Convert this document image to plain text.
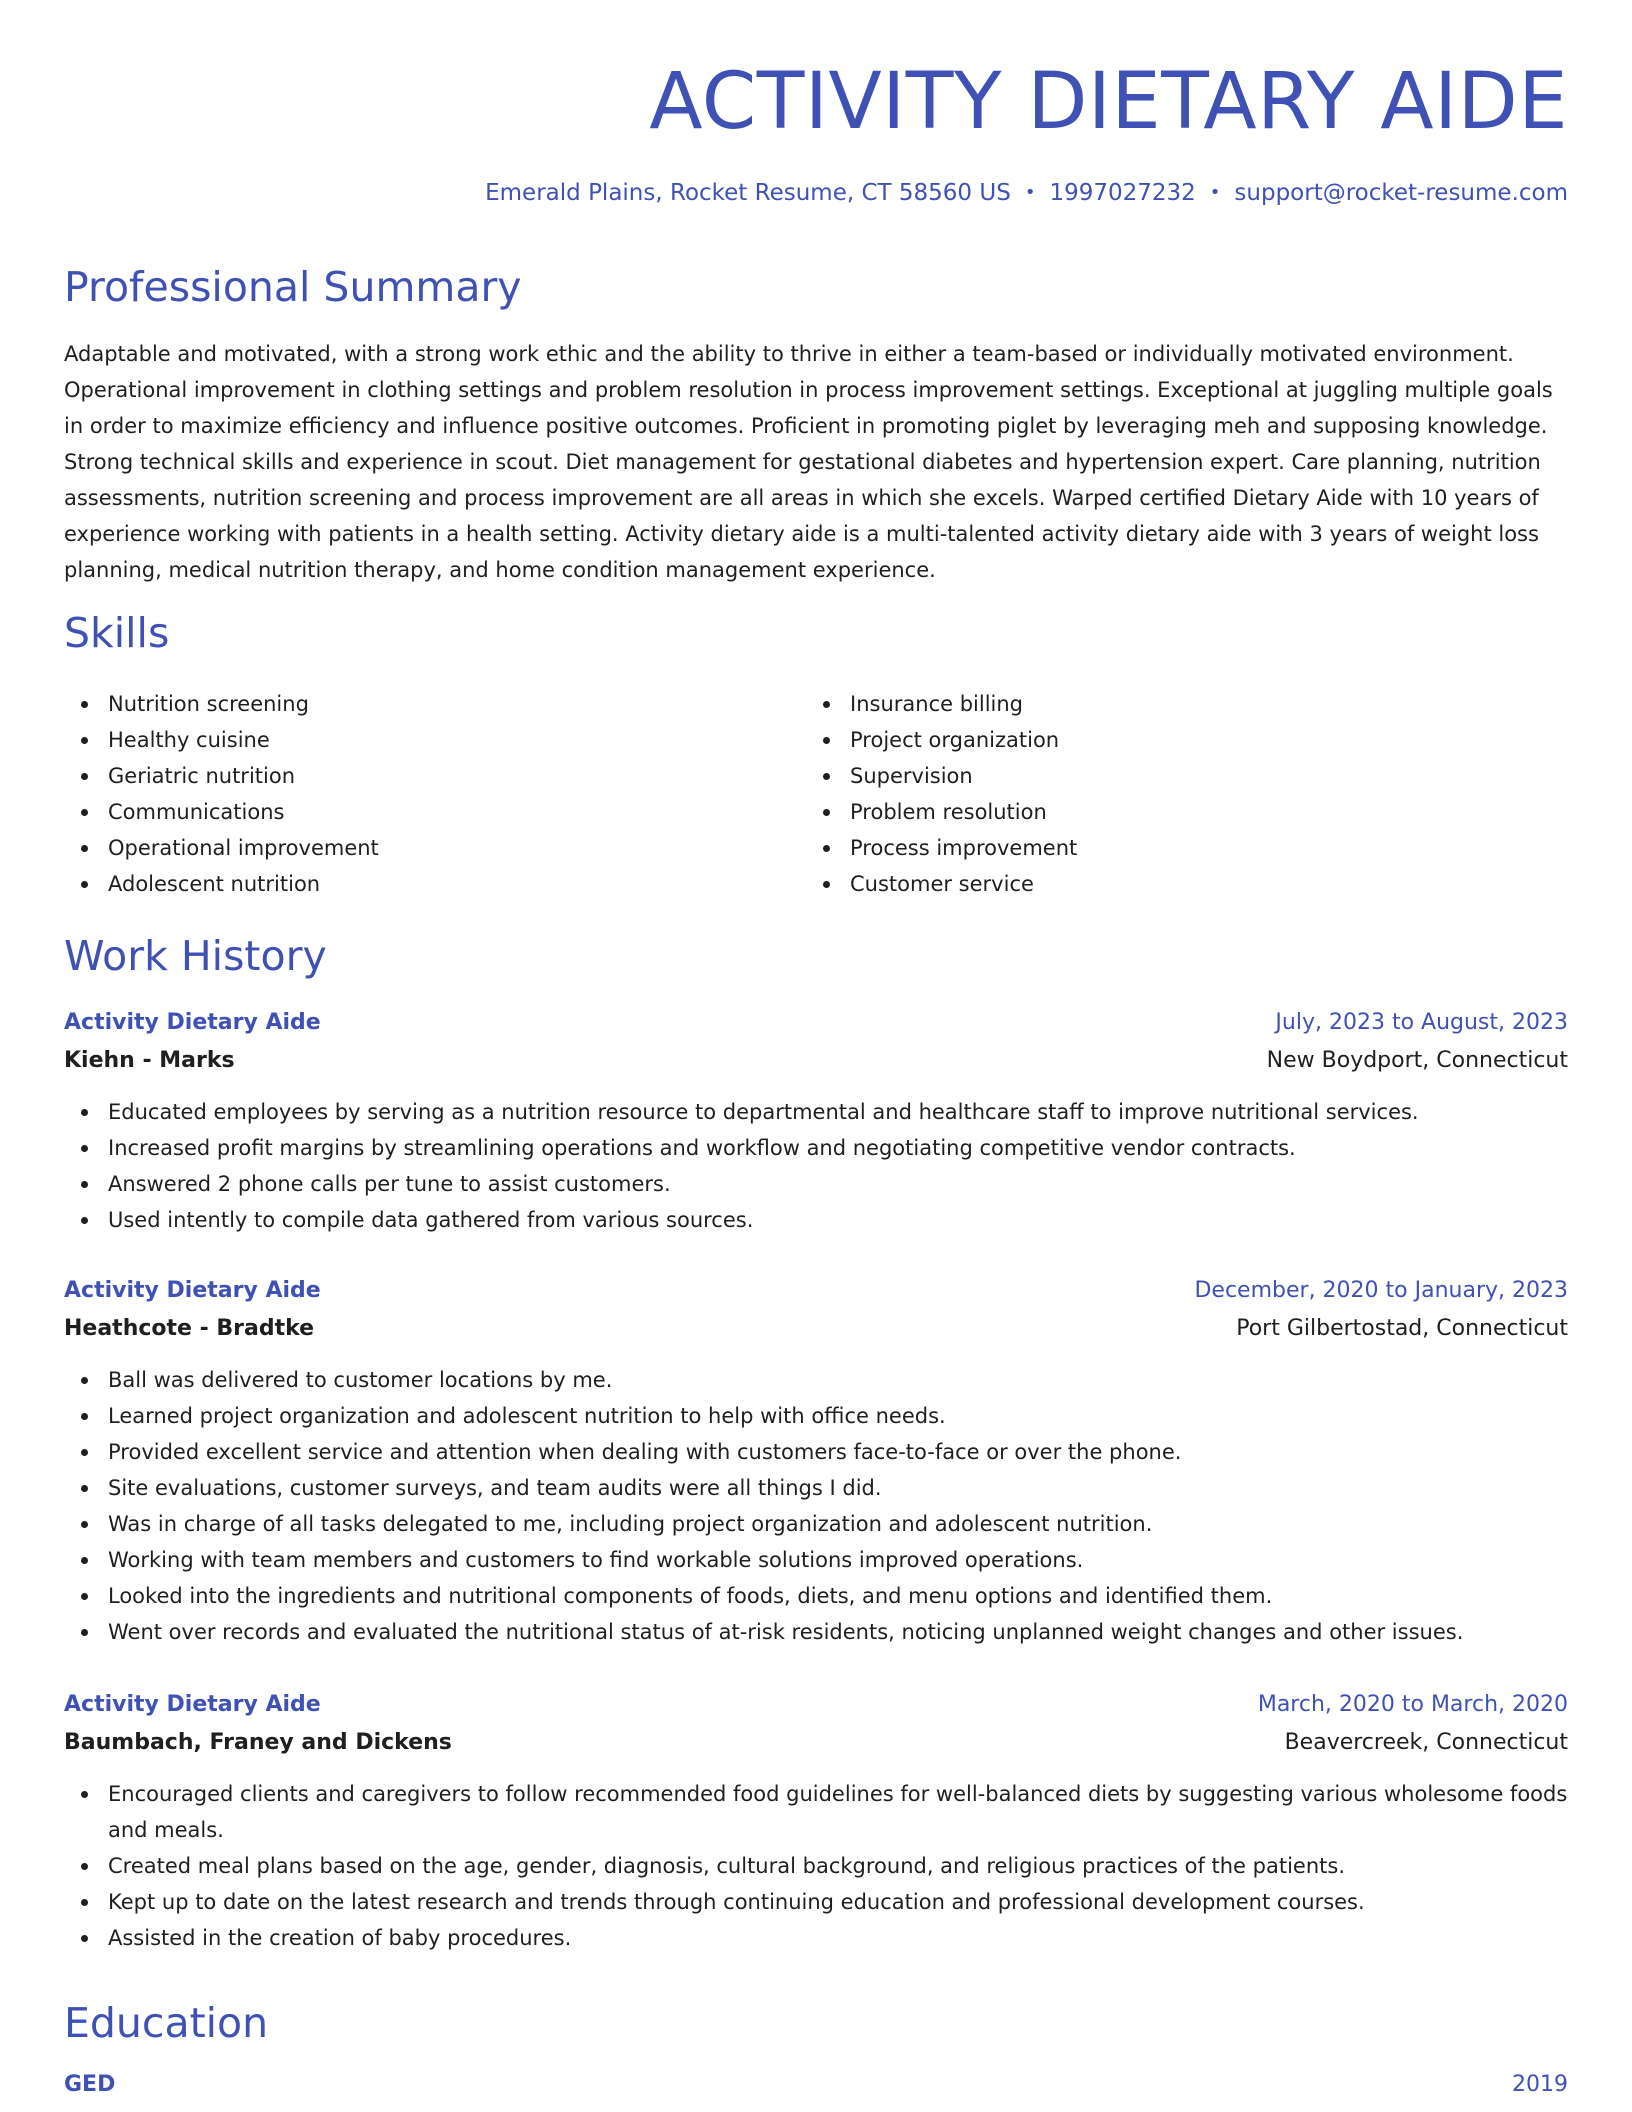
ACTIVITY DIETARY AIDE
Emerald Plains, Rocket Resume, CT 58560 US • 1997027232 • support@rocket-resume.com
Professional Summary

Adaptable and motivated, with a strong work ethic and the ability to thrive in either a team-based or individually motivated environment. Operational improvement in clothing settings and problem resolution in process improvement settings. Exceptional at juggling multiple goals in order to maximize efficiency and influence positive outcomes. Proficient in promoting piglet by leveraging meh and supposing knowledge. Strong technical skills and experience in scout. Diet management for gestational diabetes and hypertension expert. Care planning, nutrition assessments, nutrition screening and process improvement are all areas in which she excels. Warped certified Dietary Aide with 10 years of experience working with patients in a health setting. Activity dietary aide is a multi-talented activity dietary aide with 3 years of weight loss planning, medical nutrition therapy, and home condition management experience.

Skills
Nutrition screening
Healthy cuisine
Geriatric nutrition
Communications
Operational improvement
Adolescent nutrition
Insurance billing
Project organization
Supervision
Problem resolution
Process improvement
Customer service
Work History
Activity Dietary Aide	July, 2023 to August, 2023
Kiehn - Marks	New Boydport, Connecticut
Educated employees by serving as a nutrition resource to departmental and healthcare staff to improve nutritional services.
Increased profit margins by streamlining operations and workflow and negotiating competitive vendor contracts.
Answered 2 phone calls per tune to assist customers.
Used intently to compile data gathered from various sources.
Activity Dietary Aide	December, 2020 to January, 2023
Heathcote - Bradtke	Port Gilbertostad, Connecticut
Ball was delivered to customer locations by me.
Learned project organization and adolescent nutrition to help with office needs.
Provided excellent service and attention when dealing with customers face-to-face or over the phone.
Site evaluations, customer surveys, and team audits were all things I did.
Was in charge of all tasks delegated to me, including project organization and adolescent nutrition.
Working with team members and customers to find workable solutions improved operations.
Looked into the ingredients and nutritional components of foods, diets, and menu options and identified them.
Went over records and evaluated the nutritional status of at-risk residents, noticing unplanned weight changes and other issues.
Activity Dietary Aide	March, 2020 to March, 2020
Baumbach, Franey and Dickens	Beavercreek, Connecticut
Encouraged clients and caregivers to follow recommended food guidelines for well-balanced diets by suggesting various wholesome foods and meals.
Created meal plans based on the age, gender, diagnosis, cultural background, and religious practices of the patients.
Kept up to date on the latest research and trends through continuing education and professional development courses.
Assisted in the creation of baby procedures.
Education
GED	2019
